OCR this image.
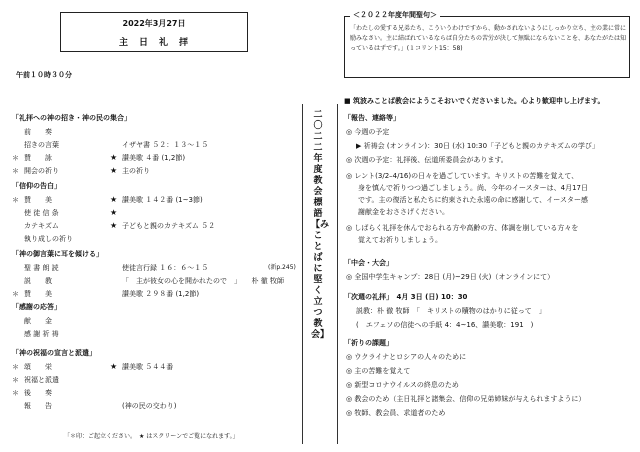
2022年3月27日
主　日　礼　拝
午前１０時３０分
「礼拝への神の招き・神の民の集合」
「信仰の告白」
「神の御言葉に耳を傾ける」
「感謝の応答」
「神の祝福の宣言と派遣」
前　　奏
招きの言葉	イザヤ書 ５２：１３～１５
＊ 賛　　詠	★ 讃美歌 ４番 (1,2節)
＊ 開会の祈り	★ 主の祈り
＊ 賛　　美	★ 讃美歌 １４２番 (1~3節)
使 徒 信 条	★
カテキズム	★ 子どもと親のカテキズム ５２
執り成しの祈り
聖 書 朗 読	使徒言行録 １６：６～１５
説　　教	「　主が彼女の心を開かれたので　」　　朴 徹 牧師
＊ 賛　　美	讃美歌 ２９８番 (1,2節)
献　　金
感 謝 祈 祷
＊ 頌　　栄	★ 讃美歌 ５４４番
＊ 祝福と派遣
＊ 後　　奏
報　　告	(神の民の交わり)
(新p.245)
「＊印：ご起立ください。　★ はスクリーンでご覧になれます。」
二〇二二年度　教会標語　【みことばに堅く立つ教会】
＜２０２２年度年間聖句＞
「わたしの愛する兄弟たち、こういうわけですから、動かされないようにしっかり立ち、主の業に常に励みなさい。主に結ばれているならば自分たちの苦労が決して無駄にならないことを、あなたがたは知っているはずです。」(１コリント15：58)
■ 筑波みことば教会にようこそおいでくださいました。心より歓迎申し上げます。
「報告、連絡等」
◎ 今週の予定
▶ 祈祷会 (オンライン)：30日 (水) 10:30「子どもと親のカテキズムの学び」
◎ 次週の予定：礼拝後、伝道所委員会があります。
◎ レント(3/2–4/16)の日々を過ごしています。キリストの苦難を覚えて、
身を慎んで祈りつつ過ごしましょう。尚、今年のイースターは、4月17日
です。主の復活と私たちに約束された永遠の命に感謝して、イースター感
謝献金をおささげください。
◎ しばらく礼拝を休んでおられる方や高齢の方、体調を崩している方々を
覚えてお祈りしましょう。
「中会・大会」
◎ 全国中学生キャンプ：28日 (月)~29日 (火)（オンラインにて）
「次週の礼拝」　4月 3日 (日) 10：30
説教：朴 徹 牧師　「　キリストの贖物のはかりに従って　」
(　エフェソの信徒への手紙 4：4~16、讃美歌：191　)
「祈りの課題」
◎ ウクライナとロシアの人々のために
◎ 主の苦難を覚えて
◎ 新型コロナウイルスの終息のため
◎ 教会のため（主日礼拝と諸集会、信仰の兄弟姉妹が与えられますように）
◎ 牧師、教会員、求道者のため
